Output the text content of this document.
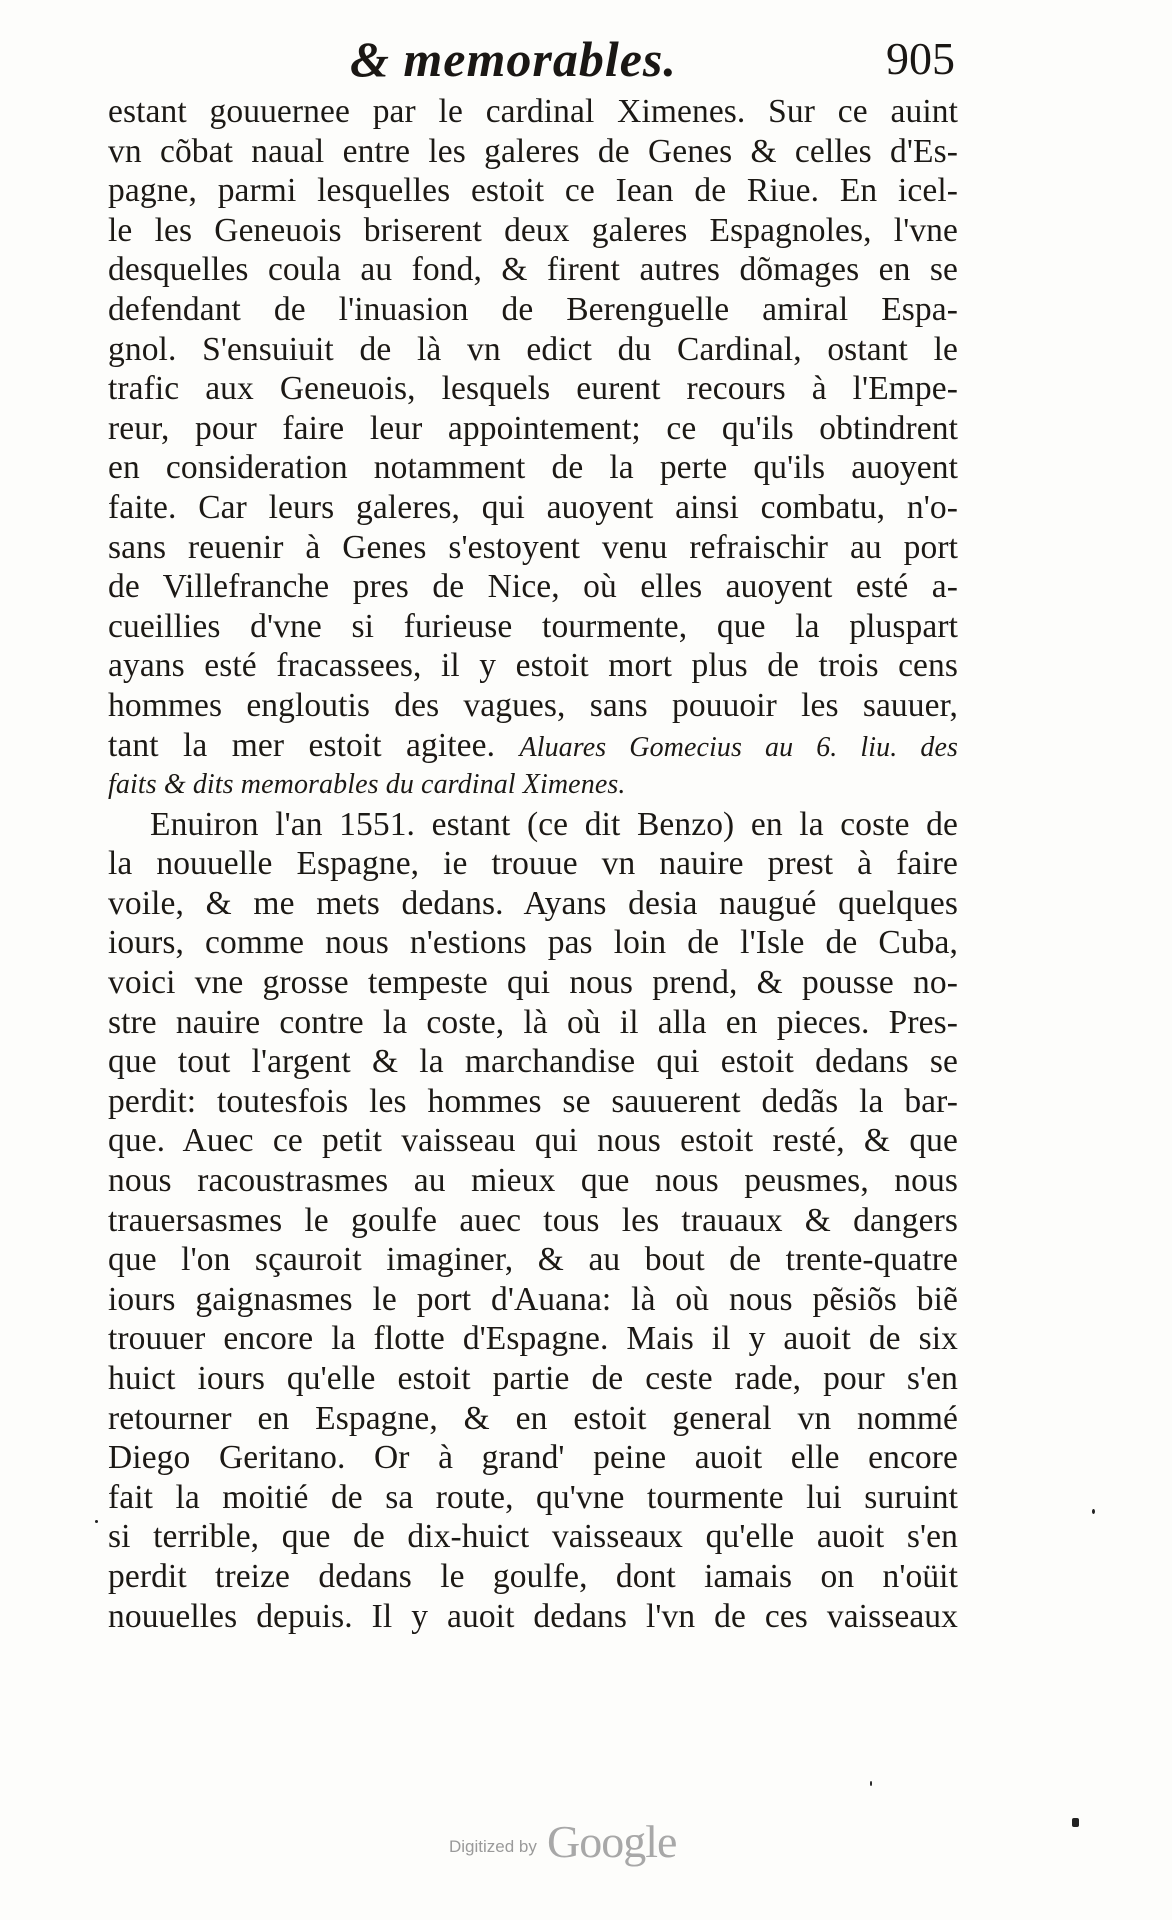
& memorables.	905
estant gouuernee par le cardinal Ximenes. Sur ce auint
vn cõbat naual entre les galeres de Genes & celles d'Es-
pagne, parmi lesquelles estoit ce Iean de Riue. En icel-
le les Geneuois briserent deux galeres Espagnoles, l'vne
desquelles coula au fond, & firent autres dõmages en se
defendant de l'inuasion de Berenguelle amiral Espa-
gnol. S'ensuiuit de là vn edict du Cardinal, ostant le
trafic aux Geneuois, lesquels eurent recours à l'Empe-
reur, pour faire leur appointement; ce qu'ils obtindrent
en consideration notamment de la perte qu'ils auoyent
faite. Car leurs galeres, qui auoyent ainsi combatu, n'o-
sans reuenir à Genes s'estoyent venu refraischir au port
de Villefranche pres de Nice, où elles auoyent esté a-
cueillies d'vne si furieuse tourmente, que la pluspart
ayans esté fracassees, il y estoit mort plus de trois cens
hommes engloutis des vagues, sans pouuoir les sauuer,
tant la mer estoit agitee. Aluares Gomecius au 6. liu. des
faits & dits memorables du cardinal Ximenes.
Enuiron l'an 1551. estant (ce dit Benzo) en la coste de
la nouuelle Espagne, ie trouue vn nauire prest à faire
voile, & me mets dedans. Ayans desia naugué quelques
iours, comme nous n'estions pas loin de l'Isle de Cuba,
voici vne grosse tempeste qui nous prend, & pousse no-
stre nauire contre la coste, là où il alla en pieces. Pres-
que tout l'argent & la marchandise qui estoit dedans se
perdit: toutesfois les hommes se sauuerent dedãs la bar-
que. Auec ce petit vaisseau qui nous estoit resté, & que
nous racoustrasmes au mieux que nous peusmes, nous
trauersasmes le goulfe auec tous les trauaux & dangers
que l'on sçauroit imaginer, & au bout de trente-quatre
iours gaignasmes le port d'Auana: là où nous pẽsiõs biẽ
trouuer encore la flotte d'Espagne. Mais il y auoit de six
huict iours qu'elle estoit partie de ceste rade, pour s'en
retourner en Espagne, & en estoit general vn nommé
Diego Geritano. Or à grand' peine auoit elle encore
fait la moitié de sa route, qu'vne tourmente lui suruint
si terrible, que de dix-huict vaisseaux qu'elle auoit s'en
perdit treize dedans le goulfe, dont iamais on n'oüit
nouuelles depuis. Il y auoit dedans l'vn de ces vaisseaux
Digitized by Google
